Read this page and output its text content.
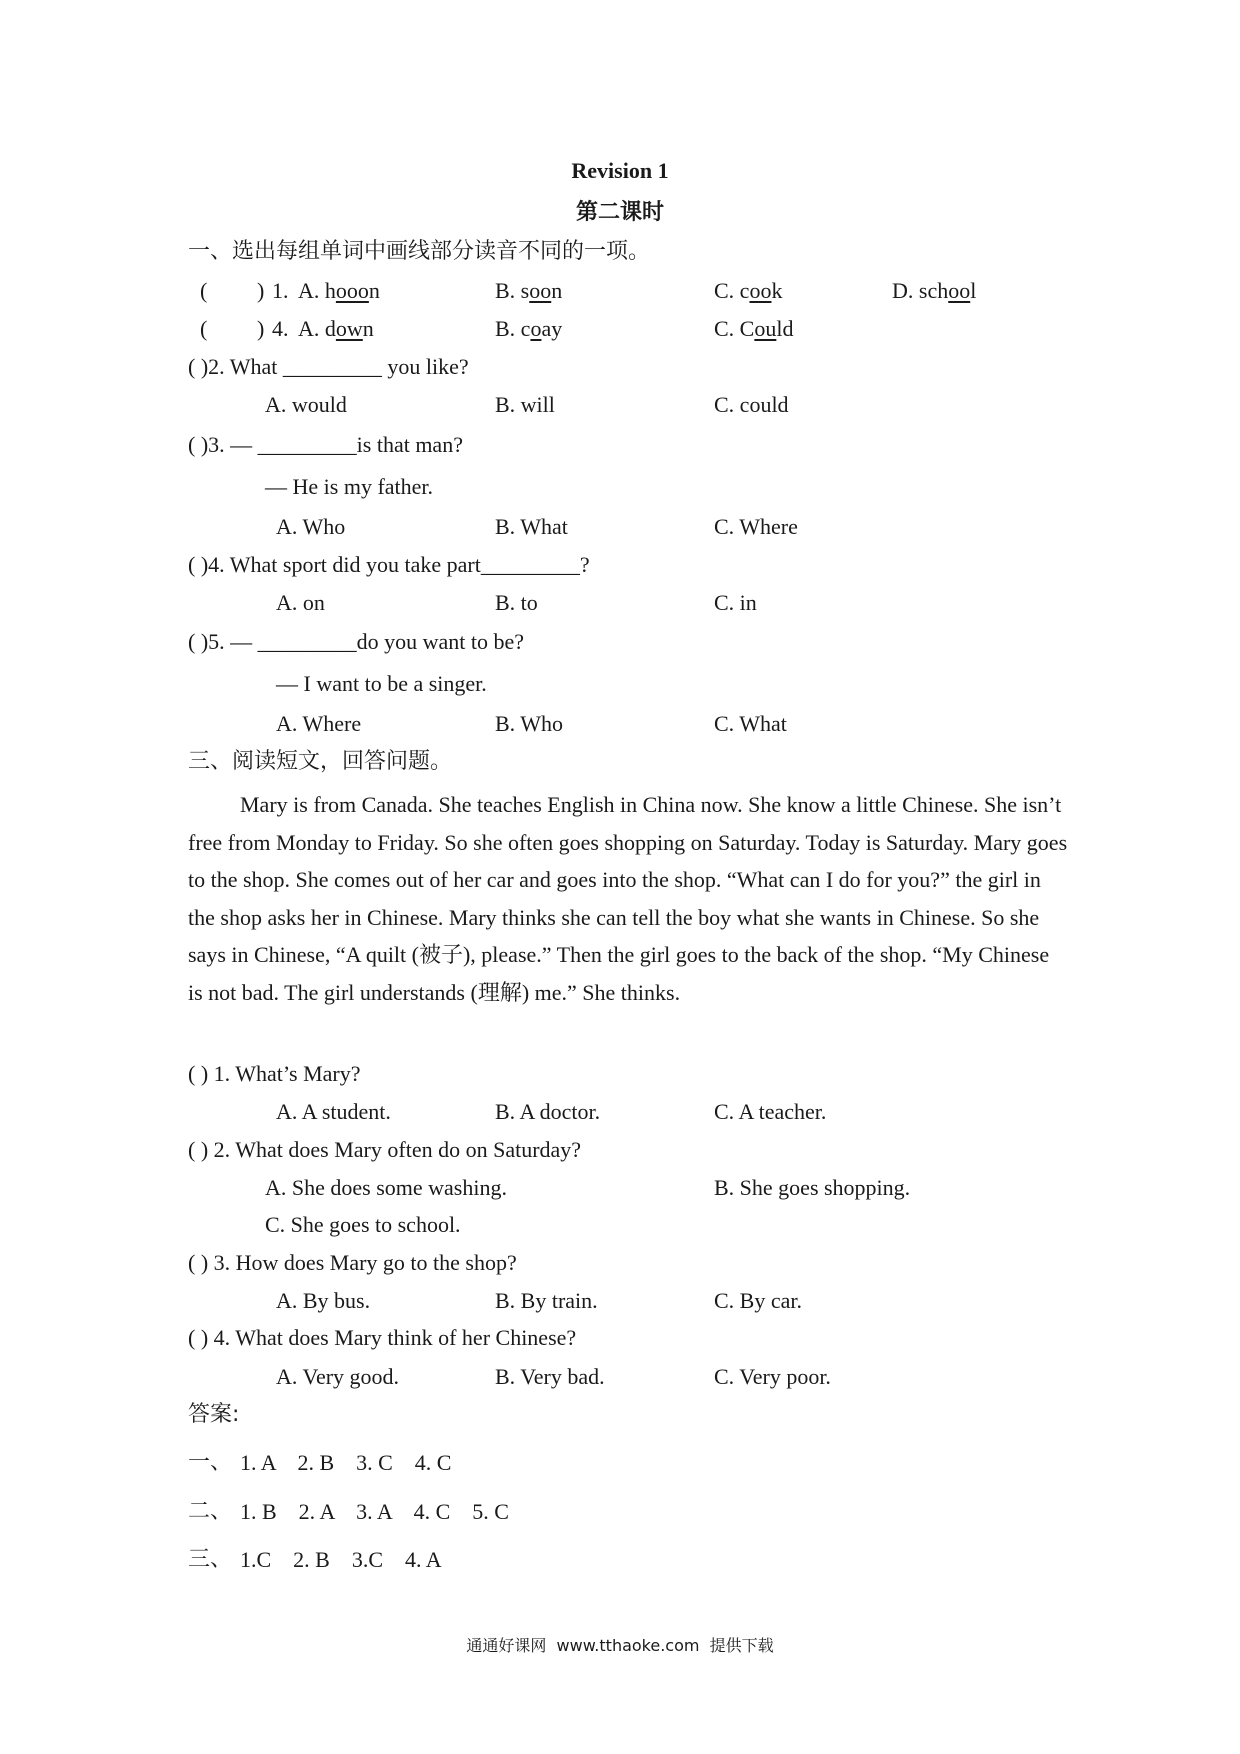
Revision 1
第二课时
一、选出每组单词中画线部分读音不同的一项。
( ) 1. A. hooon	B. soon	C. cook	D. school
( ) 4. A. down	B. coay	C. Could
( )2. What _________ you like?
A. would	B. will	C. could
( )3. — _________is that man?
— He is my father.
A. Who	B. What	C. Where
( )4. What sport did you take part_________?
A. on	B. to	C. in
( )5. — _________do you want to be?
— I want to be a singer.
A. Where	B. Who	C. What
三、阅读短文，回答问题。
Mary is from Canada. She teaches English in China now. She know a little Chinese. She isn’t free from Monday to Friday. So she often goes shopping on Saturday. Today is Saturday. Mary goes to the shop. She comes out of her car and goes into the shop. “What can I do for you?” the girl in the shop asks her in Chinese. Mary thinks she can tell the boy what she wants in Chinese. So she says in Chinese, “A quilt (被子), please.” Then the girl goes to the back of the shop. “My Chinese is not bad. The girl understands (理解) me.” She thinks.
( ) 1. What’s Mary?
A. A student.	B. A doctor.	C. A teacher.
( ) 2. What does Mary often do on Saturday?
A. She does some washing.	B. She goes shopping.
C. She goes to school.
( ) 3. How does Mary go to the shop?
A. By bus.	B. By train.	C. By car.
( ) 4. What does Mary think of her Chinese?
A. Very good.	B. Very bad.	C. Very poor.
答案:
一、 1. A    2. B    3. C    4. C
二、 1. B    2. A    3. A    4. C    5. C
三、 1.C    2. B    3.C    4. A
通通好课网  www.tthaoke.com  提供下载
